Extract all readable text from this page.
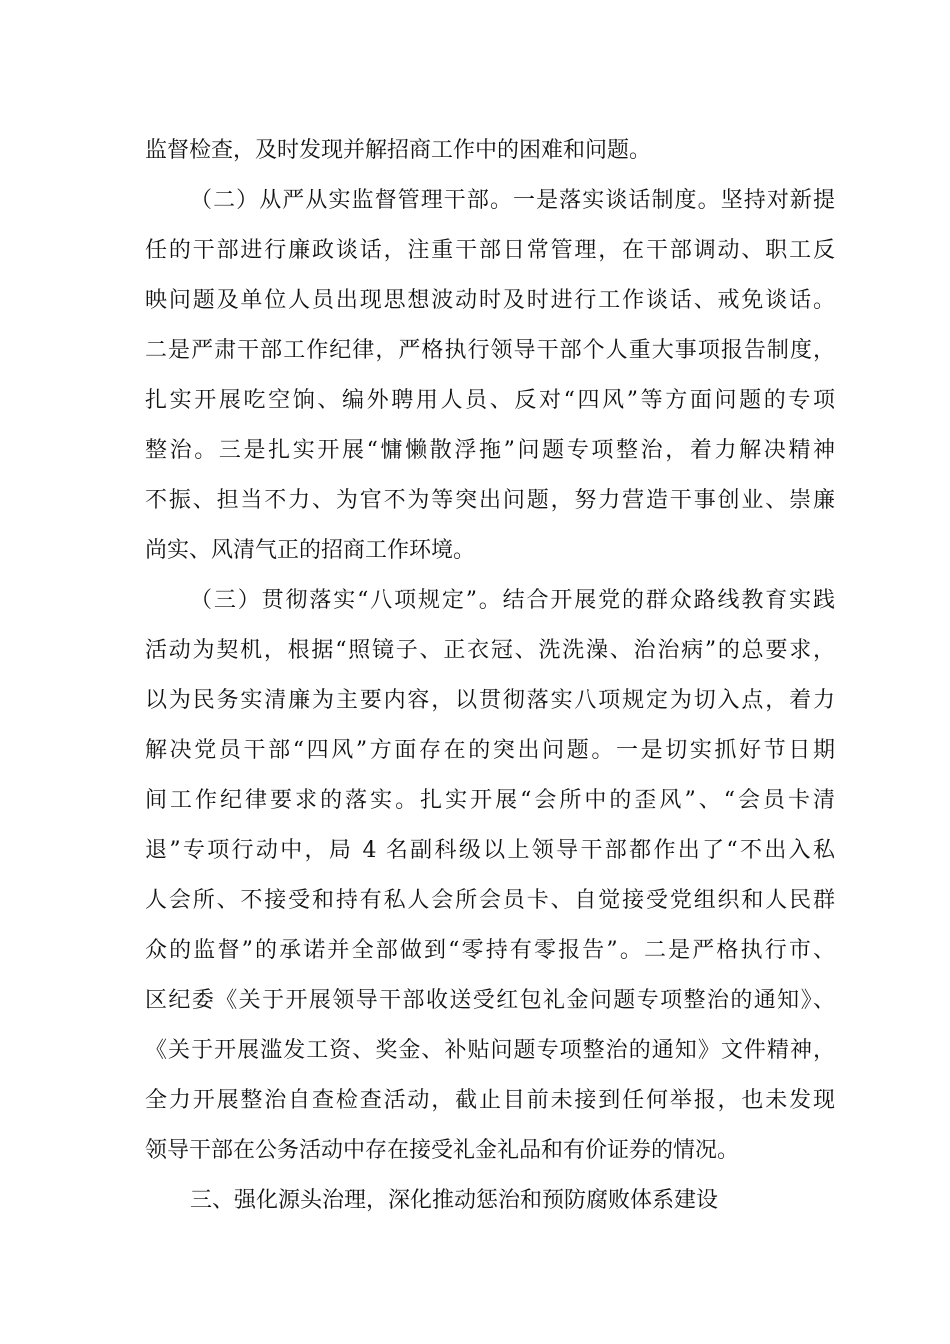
监督检查，及时发现并解招商工作中的困难和问题。
（二）从严从实监督管理干部。一是落实谈话制度。坚持对新提
任的干部进行廉政谈话，注重干部日常管理，在干部调动、职工反
映问题及单位人员出现思想波动时及时进行工作谈话、戒免谈话。
二是严肃干部工作纪律，严格执行领导干部个人重大事项报告制度，
扎实开展吃空饷、编外聘用人员、反对“四风”等方面问题的专项
整治。三是扎实开展“慵懒散浮拖”问题专项整治，着力解决精神
不振、担当不力、为官不为等突出问题，努力营造干事创业、崇廉
尚实、风清气正的招商工作环境。
（三）贯彻落实“八项规定”。结合开展党的群众路线教育实践
活动为契机，根据“照镜子、正衣冠、洗洗澡、治治病”的总要求，
以为民务实清廉为主要内容，以贯彻落实八项规定为切入点，着力
解决党员干部“四风”方面存在的突出问题。一是切实抓好节日期
间工作纪律要求的落实。扎实开展“会所中的歪风”、“会员卡清
退”专项行动中，局 4 名副科级以上领导干部都作出了“不出入私
人会所、不接受和持有私人会所会员卡、自觉接受党组织和人民群
众的监督”的承诺并全部做到“零持有零报告”。二是严格执行市、
区纪委《关于开展领导干部收送受红包礼金问题专项整治的通知》、
《关于开展滥发工资、奖金、补贴问题专项整治的通知》文件精神，
全力开展整治自查检查活动，截止目前未接到任何举报，也未发现
领导干部在公务活动中存在接受礼金礼品和有价证券的情况。
三、强化源头治理，深化推动惩治和预防腐败体系建设
